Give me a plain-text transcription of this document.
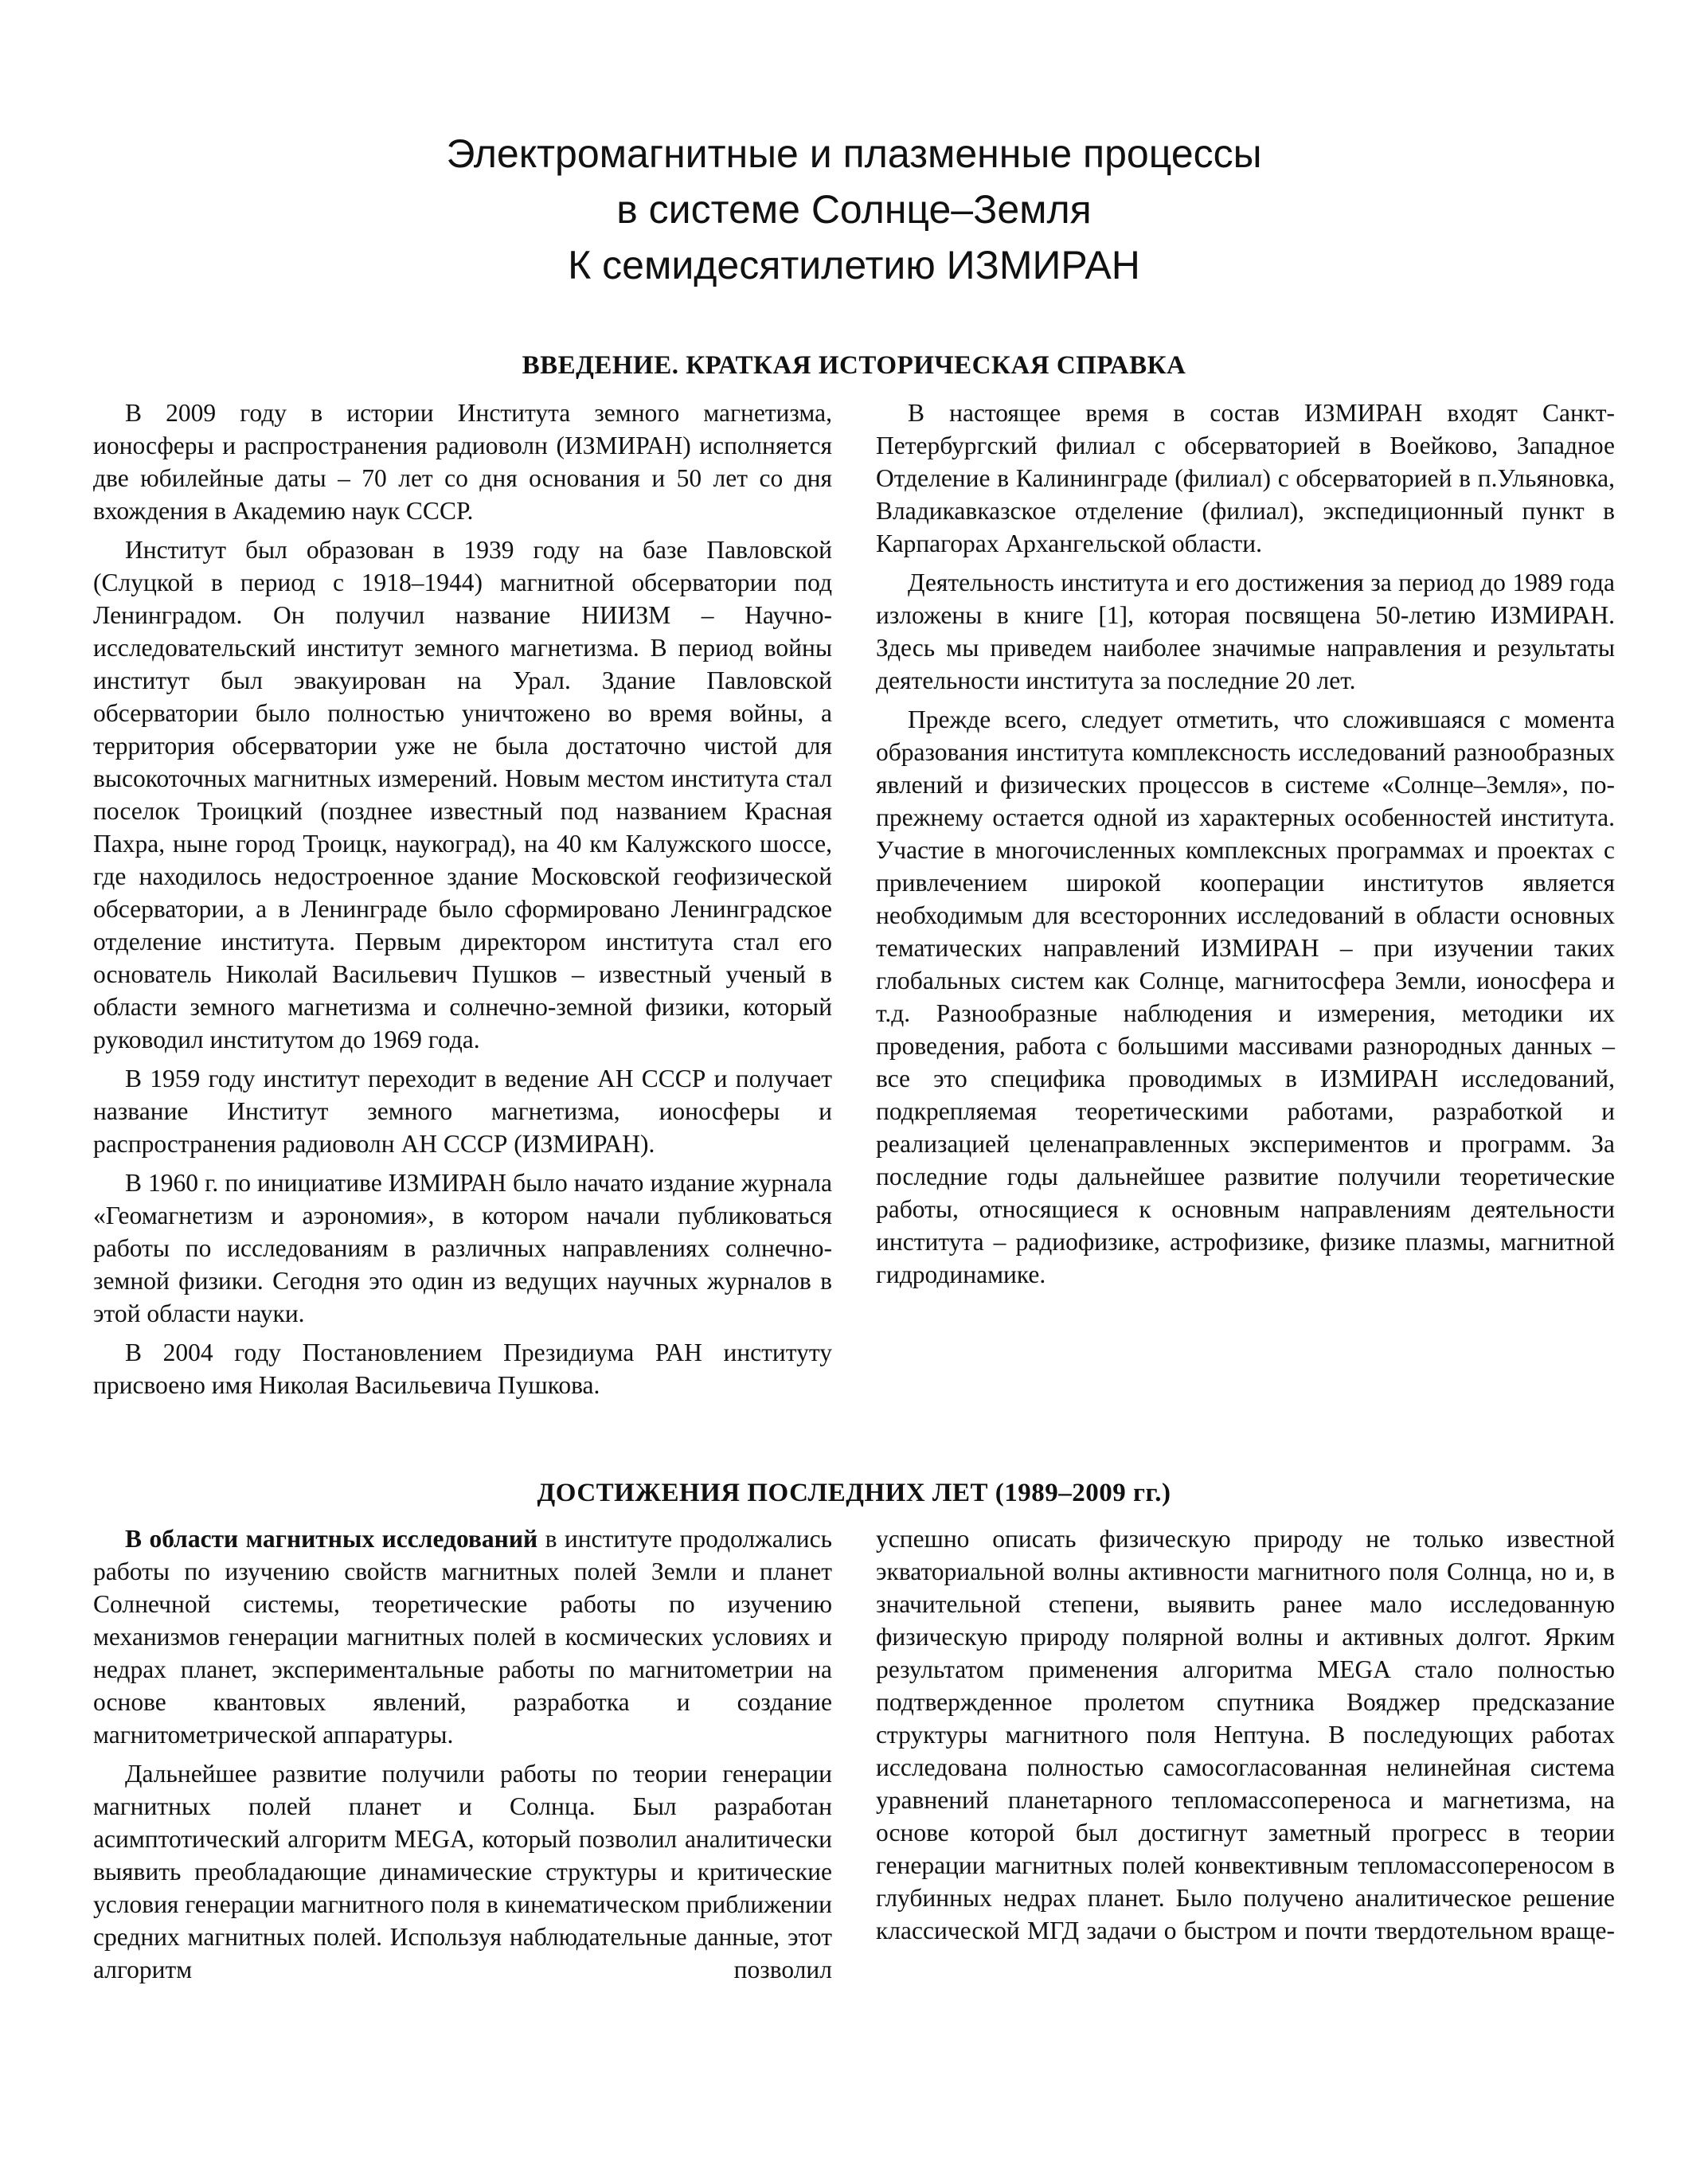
Электромагнитные и плазменные процессы
в системе Солнце–Земля
К семидесятилетию ИЗМИРАН
ВВЕДЕНИЕ. КРАТКАЯ ИСТОРИЧЕСКАЯ СПРАВКА

В 2009 году в истории Института земного магнетизма, ионосферы и распространения радиоволн (ИЗМИРАН) исполняется две юбилейные даты – 70 лет со дня основания и 50 лет со дня вхождения в Академию наук СССР.

Институт был образован в 1939 году на базе Павловской (Слуцкой в период с 1918–1944) магнитной обсерватории под Ленинградом. Он получил название НИИЗМ – Научно-исследовательский институт земного магнетизма. В период войны институт был эвакуирован на Урал. Здание Павловской обсерватории было полностью уничтожено во время войны, а территория обсерватории уже не была достаточно чистой для высокоточных магнитных измерений. Новым местом института стал поселок Троицкий (позднее известный под названием Красная Пахра, ныне город Троицк, наукоград), на 40 км Калужского шоссе, где находилось недостроенное здание Московской геофизической обсерватории, а в Ленинграде было сформировано Ленинградское отделение института. Первым директором института стал его основатель Николай Васильевич Пушков – известный ученый в области земного магнетизма и солнечно-земной физики, который руководил институтом до 1969 года.

В 1959 году институт переходит в ведение АН СССР и получает название Институт земного магнетизма, ионосферы и распространения радиоволн АН СССР (ИЗМИРАН).

В 1960 г. по инициативе ИЗМИРАН было начато издание журнала «Геомагнетизм и аэрономия», в котором начали публиковаться работы по исследованиям в различных направлениях солнечно-земной физики. Сегодня это один из ведущих научных журналов в этой области науки.

В 2004 году Постановлением Президиума РАН институту присвоено имя Николая Васильевича Пушкова.

В настоящее время в состав ИЗМИРАН входят Санкт-Петербургский филиал с обсерваторией в Воейково, Западное Отделение в Калининграде (филиал) с обсерваторией в п.Ульяновка, Владикавказское отделение (филиал), экспедиционный пункт в Карпагорах Архангельской области.

Деятельность института и его достижения за период до 1989 года изложены в книге [1], которая посвящена 50-летию ИЗМИРАН. Здесь мы приведем наиболее значимые направления и результаты деятельности института за последние 20 лет.

Прежде всего, следует отметить, что сложившаяся с момента образования института комплексность исследований разнообразных явлений и физических процессов в системе «Солнце–Земля», по-прежнему остается одной из характерных особенностей института. Участие в многочисленных комплексных программах и проектах с привлечением широкой кооперации институтов является необходимым для всесторонних исследований в области основных тематических направлений ИЗМИРАН – при изучении таких глобальных систем как Солнце, магнитосфера Земли, ионосфера и т.д. Разнообразные наблюдения и измерения, методики их проведения, работа с большими массивами разнородных данных – все это специфика проводимых в ИЗМИРАН исследований, подкрепляемая теоретическими работами, разработкой и реализацией целенаправленных экспериментов и программ. За последние годы дальнейшее развитие получили теоретические работы, относящиеся к основным направлениям деятельности института – радиофизике, астрофизике, физике плазмы, магнитной гидродинамике.

ДОСТИЖЕНИЯ ПОСЛЕДНИХ ЛЕТ (1989–2009 гг.)

В области магнитных исследований в институте продолжались работы по изучению свойств магнитных полей Земли и планет Солнечной системы, теоретические работы по изучению механизмов генерации магнитных полей в космических условиях и недрах планет, экспериментальные работы по магнитометрии на основе квантовых явлений, разработка и создание магнитометрической аппаратуры.

Дальнейшее развитие получили работы по теории генерации магнитных полей планет и Солнца. Был разработан асимптотический алгоритм MEGA, который позволил аналитически выявить преобладающие динамические структуры и критические условия генерации магнитного поля в кинематическом приближении средних магнитных полей. Используя наблюдательные данные, этот алгоритм позволил

успешно описать физическую природу не только известной экваториальной волны активности магнитного поля Солнца, но и, в значительной степени, выявить ранее мало исследованную физическую природу полярной волны и активных долгот. Ярким результатом применения алгоритма MEGA стало полностью подтвержденное пролетом спутника Вояджер предсказание структуры магнитного поля Нептуна. В последующих работах исследована полностью самосогласованная нелинейная система уравнений планетарного тепломассопереноса и магнетизма, на основе которой был достигнут заметный прогресс в теории генерации магнитных полей конвективным тепломассопереносом в глубинных недрах планет. Было получено аналитическое решение классической МГД задачи о быстром и почти твердотельном враще-
